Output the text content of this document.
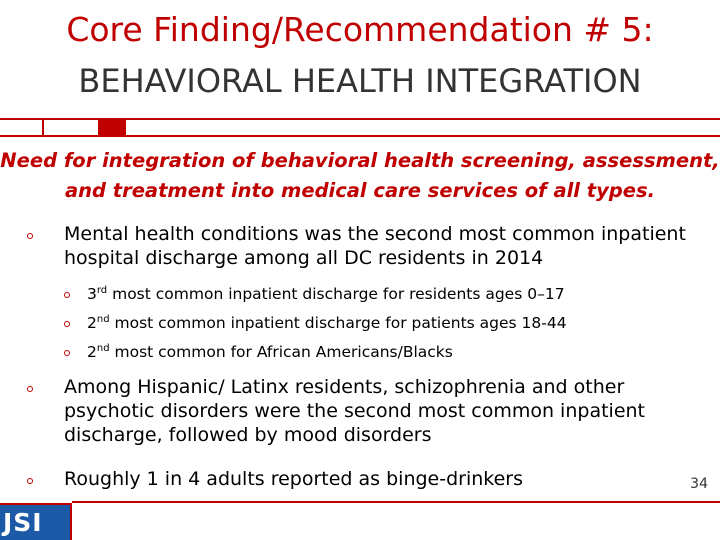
Core Finding/Recommendation # 5:
BEHAVIORAL HEALTH INTEGRATION
Need for integration of behavioral health screening, assessment, and treatment into medical care services of all types.
Mental health conditions was the second most common inpatient hospital discharge among all DC residents in 2014
3rd most common inpatient discharge for residents ages 0–17
2nd most common inpatient discharge for patients ages 18-44
2nd most common for African Americans/Blacks
Among Hispanic/ Latinx residents, schizophrenia and other psychotic disorders were the second most common inpatient discharge, followed by mood disorders
Roughly 1 in 4 adults reported as binge-drinkers
JSI
34
